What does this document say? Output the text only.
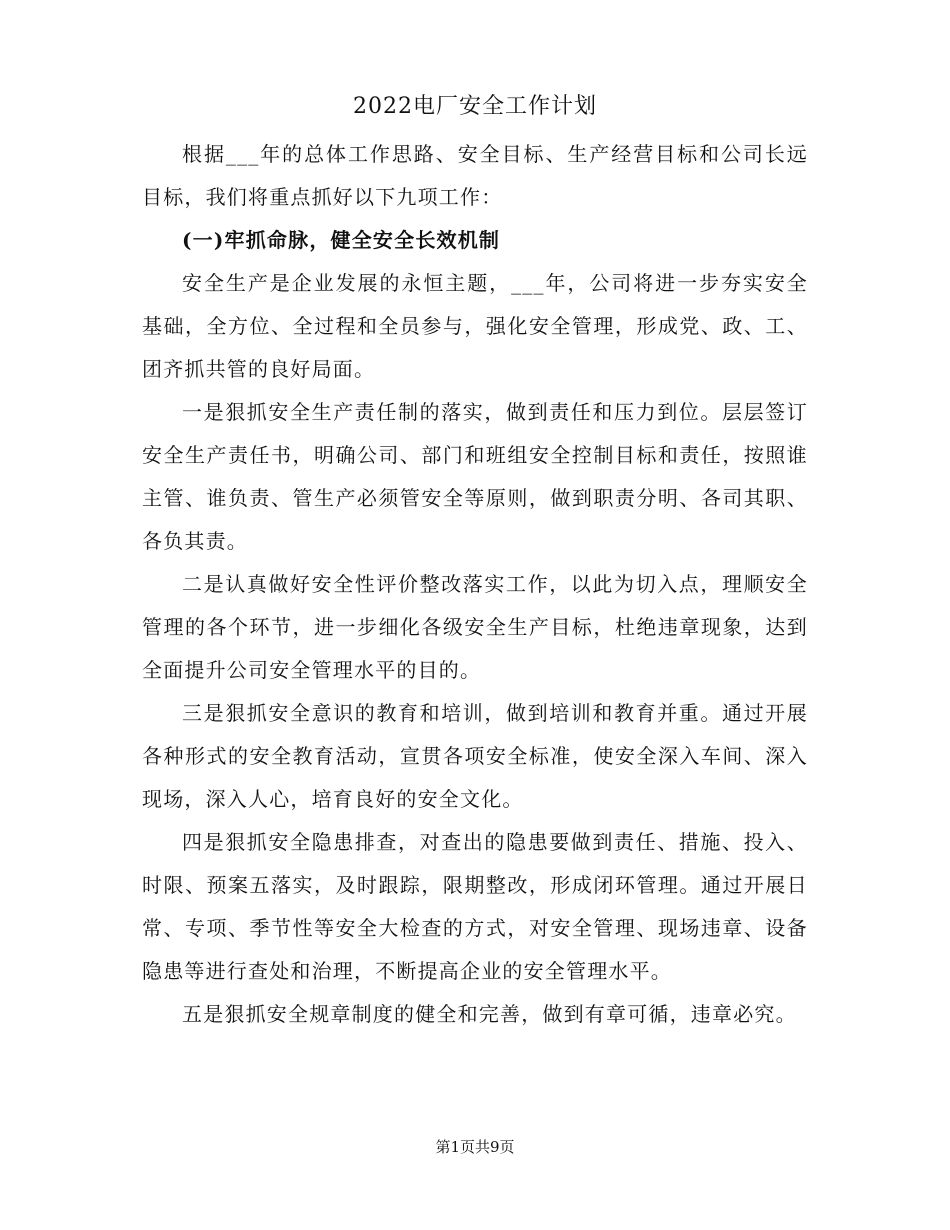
2022电厂安全工作计划

根据___年的总体工作思路、安全目标、生产经营目标和公司长远目标，我们将重点抓好以下九项工作：

(一)牢抓命脉，健全安全长效机制

安全生产是企业发展的永恒主题，___年，公司将进一步夯实安全基础，全方位、全过程和全员参与，强化安全管理，形成党、政、工、团齐抓共管的良好局面。

一是狠抓安全生产责任制的落实，做到责任和压力到位。层层签订安全生产责任书，明确公司、部门和班组安全控制目标和责任，按照谁主管、谁负责、管生产必须管安全等原则，做到职责分明、各司其职、各负其责。

二是认真做好安全性评价整改落实工作，以此为切入点，理顺安全管理的各个环节，进一步细化各级安全生产目标，杜绝违章现象，达到全面提升公司安全管理水平的目的。

三是狠抓安全意识的教育和培训，做到培训和教育并重。通过开展各种形式的安全教育活动，宣贯各项安全标准，使安全深入车间、深入现场，深入人心，培育良好的安全文化。

四是狠抓安全隐患排查，对查出的隐患要做到责任、措施、投入、时限、预案五落实，及时跟踪，限期整改，形成闭环管理。通过开展日常、专项、季节性等安全大检查的方式，对安全管理、现场违章、设备隐患等进行查处和治理，不断提高企业的安全管理水平。

五是狠抓安全规章制度的健全和完善，做到有章可循，违章必究。

第1页共9页
